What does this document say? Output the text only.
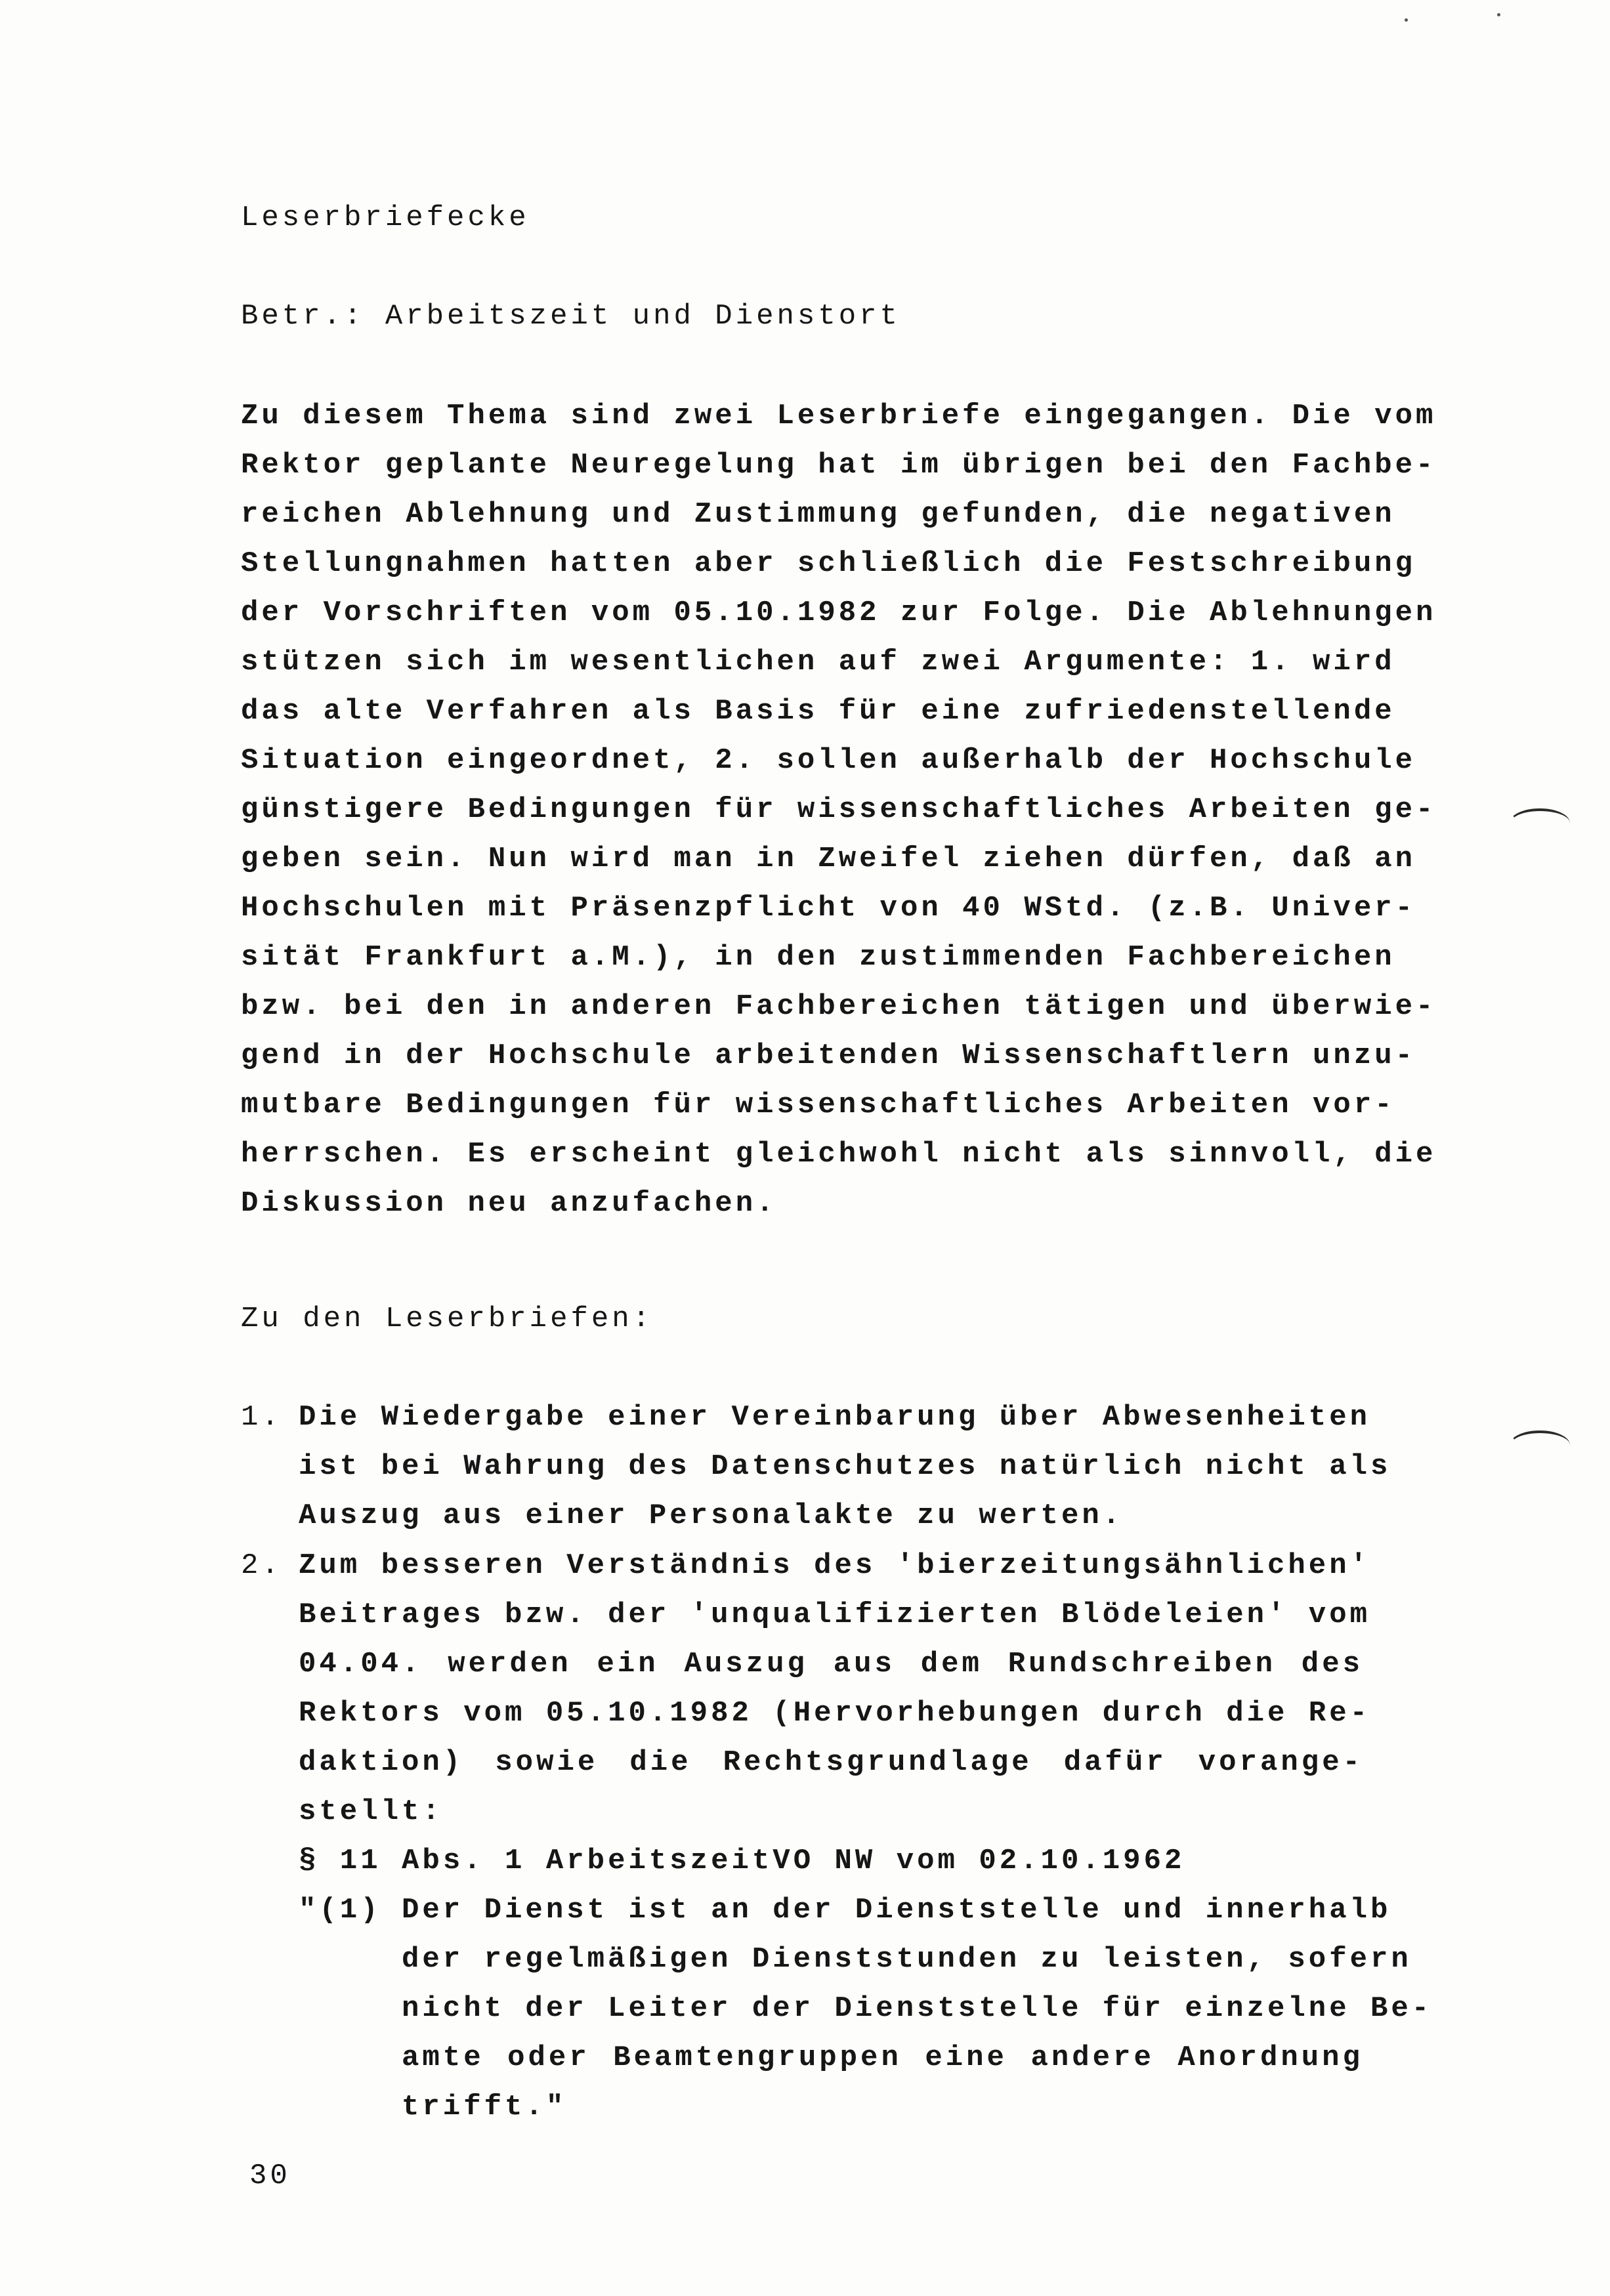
Leserbriefecke
Betr.: Arbeitszeit und Dienstort
Zu diesem Thema sind zwei Leserbriefe eingegangen. Die vom
Rektor geplante Neuregelung hat im übrigen bei den Fachbe-
reichen Ablehnung und Zustimmung gefunden, die negativen
Stellungnahmen hatten aber schließlich die Festschreibung
der Vorschriften vom 05.10.1982 zur Folge. Die Ablehnungen
stützen sich im wesentlichen auf zwei Argumente: 1. wird
das alte Verfahren als Basis für eine zufriedenstellende
Situation eingeordnet, 2. sollen außerhalb der Hochschule
günstigere Bedingungen für wissenschaftliches Arbeiten ge-
geben sein. Nun wird man in Zweifel ziehen dürfen, daß an
Hochschulen mit Präsenzpflicht von 40 WStd. (z.B. Univer-
sität Frankfurt a.M.), in den zustimmenden Fachbereichen
bzw. bei den in anderen Fachbereichen tätigen und überwie-
gend in der Hochschule arbeitenden Wissenschaftlern unzu-
mutbare Bedingungen für wissenschaftliches Arbeiten vor-
herrschen. Es erscheint gleichwohl nicht als sinnvoll, die
Diskussion neu anzufachen.
Zu den Leserbriefen:
1. Die Wiedergabe einer Vereinbarung über Abwesenheiten
ist bei Wahrung des Datenschutzes natürlich nicht als
Auszug aus einer Personalakte zu werten.
2. Zum besseren Verständnis des 'bierzeitungsähnlichen'
Beitrages bzw. der 'unqualifizierten Blödeleien' vom
04.04. werden ein Auszug aus dem Rundschreiben des
Rektors vom 05.10.1982 (Hervorhebungen durch die Re-
daktion) sowie die Rechtsgrundlage dafür vorange-
stellt:
§ 11 Abs. 1 ArbeitszeitVO NW vom 02.10.1962
"(1) Der Dienst ist an der Dienststelle und innerhalb
der regelmäßigen Dienststunden zu leisten, sofern
nicht der Leiter der Dienststelle für einzelne Be-
amte oder Beamtengruppen eine andere Anordnung
trifft."
30
